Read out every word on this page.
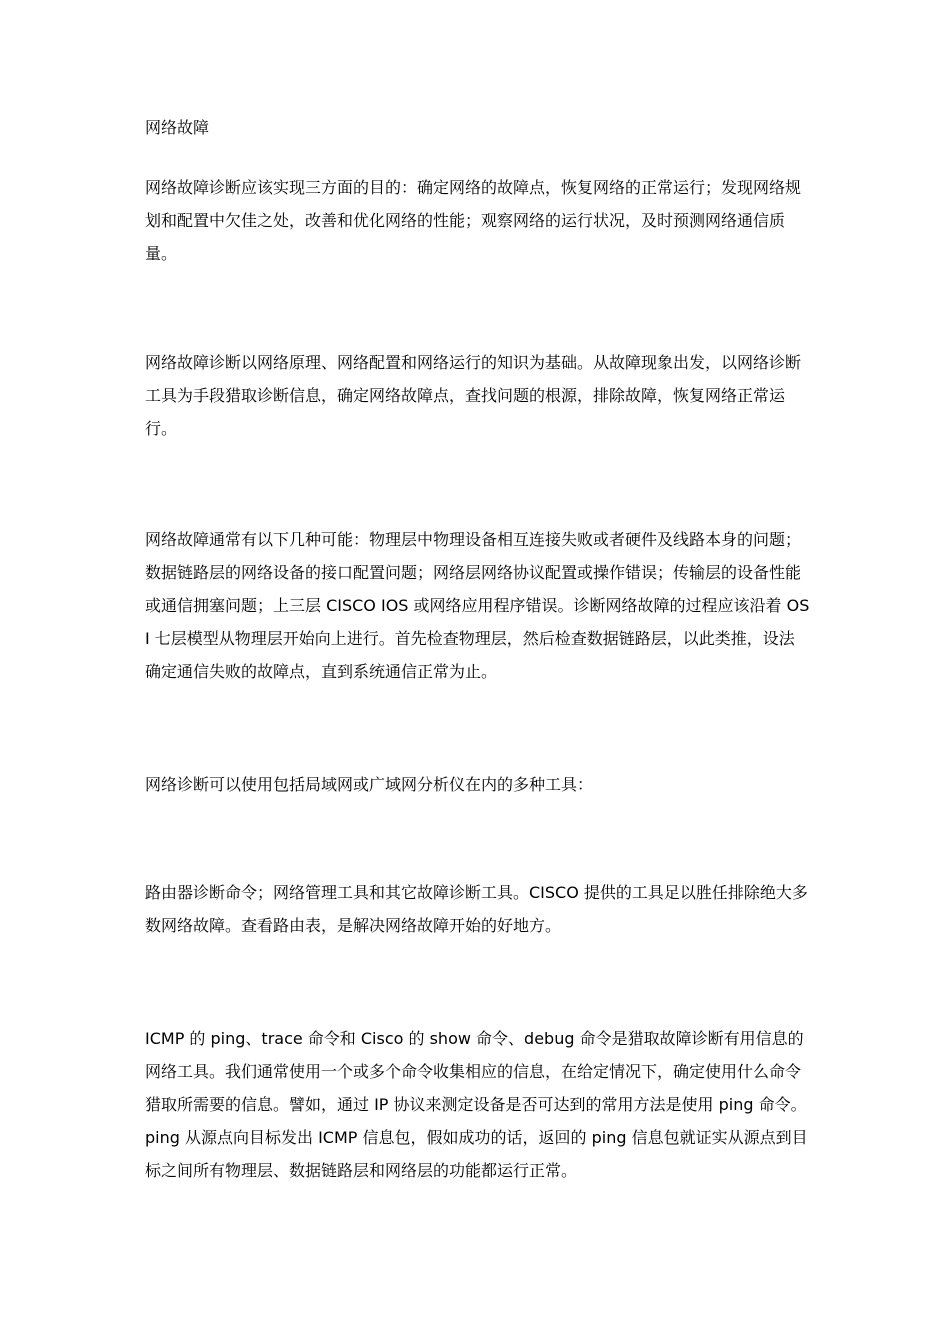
网络故障
网络故障诊断应该实现三方面的目的：确定网络的故障点，恢复网络的正常运行；发现网络规划和配置中欠佳之处，改善和优化网络的性能；观察网络的运行状况，及时预测网络通信质量。
网络故障诊断以网络原理、网络配置和网络运行的知识为基础。从故障现象出发，以网络诊断工具为手段猎取诊断信息，确定网络故障点，查找问题的根源，排除故障，恢复网络正常运行。
网络故障通常有以下几种可能：物理层中物理设备相互连接失败或者硬件及线路本身的问题；数据链路层的网络设备的接口配置问题；网络层网络协议配置或操作错误；传输层的设备性能或通信拥塞问题；上三层 CISCO IOS 或网络应用程序错误。诊断网络故障的过程应该沿着 OSI 七层模型从物理层开始向上进行。首先检查物理层，然后检查数据链路层，以此类推，设法确定通信失败的故障点，直到系统通信正常为止。
网络诊断可以使用包括局域网或广域网分析仪在内的多种工具：
路由器诊断命令；网络管理工具和其它故障诊断工具。CISCO 提供的工具足以胜任排除绝大多数网络故障。查看路由表，是解决网络故障开始的好地方。
ICMP 的 ping、trace 命令和 Cisco 的 show 命令、debug 命令是猎取故障诊断有用信息的网络工具。我们通常使用一个或多个命令收集相应的信息，在给定情况下，确定使用什么命令猎取所需要的信息。譬如，通过 IP 协议来测定设备是否可达到的常用方法是使用 ping 命令。ping 从源点向目标发出 ICMP 信息包，假如成功的话，返回的 ping 信息包就证实从源点到目标之间所有物理层、数据链路层和网络层的功能都运行正常。
